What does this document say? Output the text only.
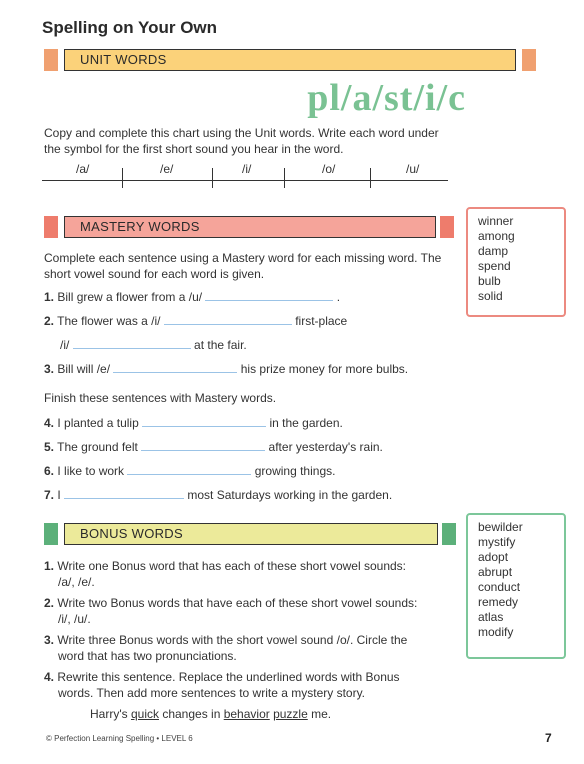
Spelling on Your Own
UNIT WORDS
pl/a/st/i/c
Copy and complete this chart using the Unit words. Write each word under the symbol for the first short sound you hear in the word.
/a/	/e/	/i/	/o/	/u/
MASTERY WORDS	winner
among
damp
spend
bulb
solid
Complete each sentence using a Mastery word for each missing word. The short vowel sound for each word is given.
1. Bill grew a flower from a /u/	.
2. The flower was a /i/	first-place
/i/	at the fair.
3. Bill will /e/	his prize money for more bulbs.
Finish these sentences with Mastery words.
4. I planted a tulip	in the garden.
5. The ground felt	after yesterday's rain.
6. I like to work	growing things.
7. I	most Saturdays working in the garden.
BONUS WORDS	bewilder
mystify
adopt
abrupt
conduct
remedy
atlas
modify
1. Write one Bonus word that has each of these short vowel sounds:
/a/, /e/.
2. Write two Bonus words that have each of these short vowel sounds:
/i/, /u/.
3. Write three Bonus words with the short vowel sound /o/. Circle the
word that has two pronunciations.
4. Rewrite this sentence. Replace the underlined words with Bonus
words. Then add more sentences to write a mystery story.
Harry's quick changes in behavior puzzle me.
© Perfection Learning Spelling • LEVEL 6	7
